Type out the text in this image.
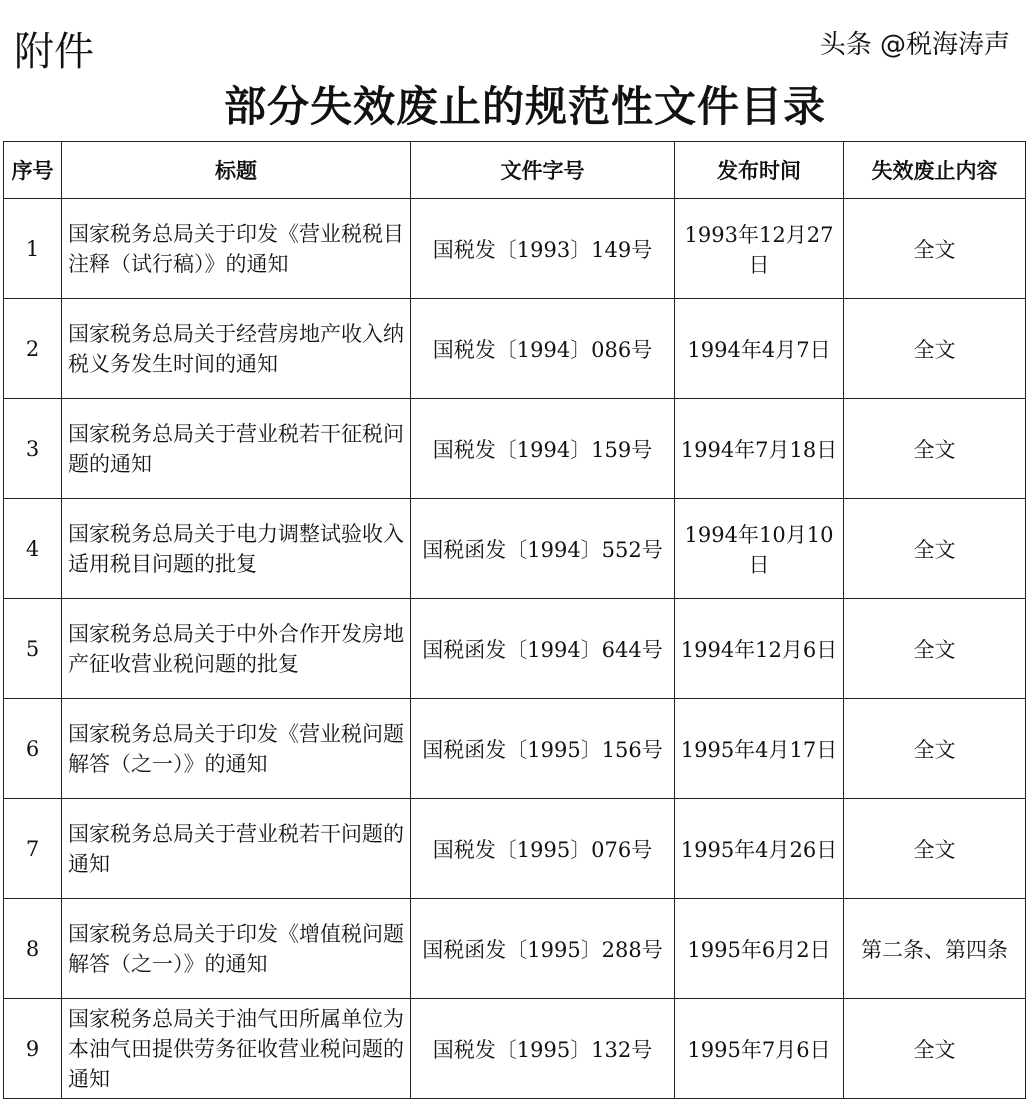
附件
部分失效废止的规范性文件目录
序号	标题	文件字号	发布时间	失效废止内容
1	国家税务总局关于印发《营业税税目注释（试行稿）》的通知	国税发〔1993〕149号	1993年12月27日	全文
2	国家税务总局关于经营房地产收入纳税义务发生时间的通知	国税发〔1994〕086号	1994年4月7日	全文
3	国家税务总局关于营业税若干征税问题的通知	国税发〔1994〕159号	1994年7月18日	全文
4	国家税务总局关于电力调整试验收入适用税目问题的批复	国税函发〔1994〕552号	1994年10月10日	全文
5	国家税务总局关于中外合作开发房地产征收营业税问题的批复	国税函发〔1994〕644号	1994年12月6日	全文
6	国家税务总局关于印发《营业税问题解答（之一）》的通知	国税函发〔1995〕156号	1995年4月17日	全文
7	国家税务总局关于营业税若干问题的通知	国税发〔1995〕076号	1995年4月26日	全文
8	国家税务总局关于印发《增值税问题解答（之一）》的通知	国税函发〔1995〕288号	1995年6月2日	第二条、第四条
9	国家税务总局关于油气田所属单位为本油气田提供劳务征收营业税问题的通知	国税发〔1995〕132号	1995年7月6日	全文
头条 @税海涛声
